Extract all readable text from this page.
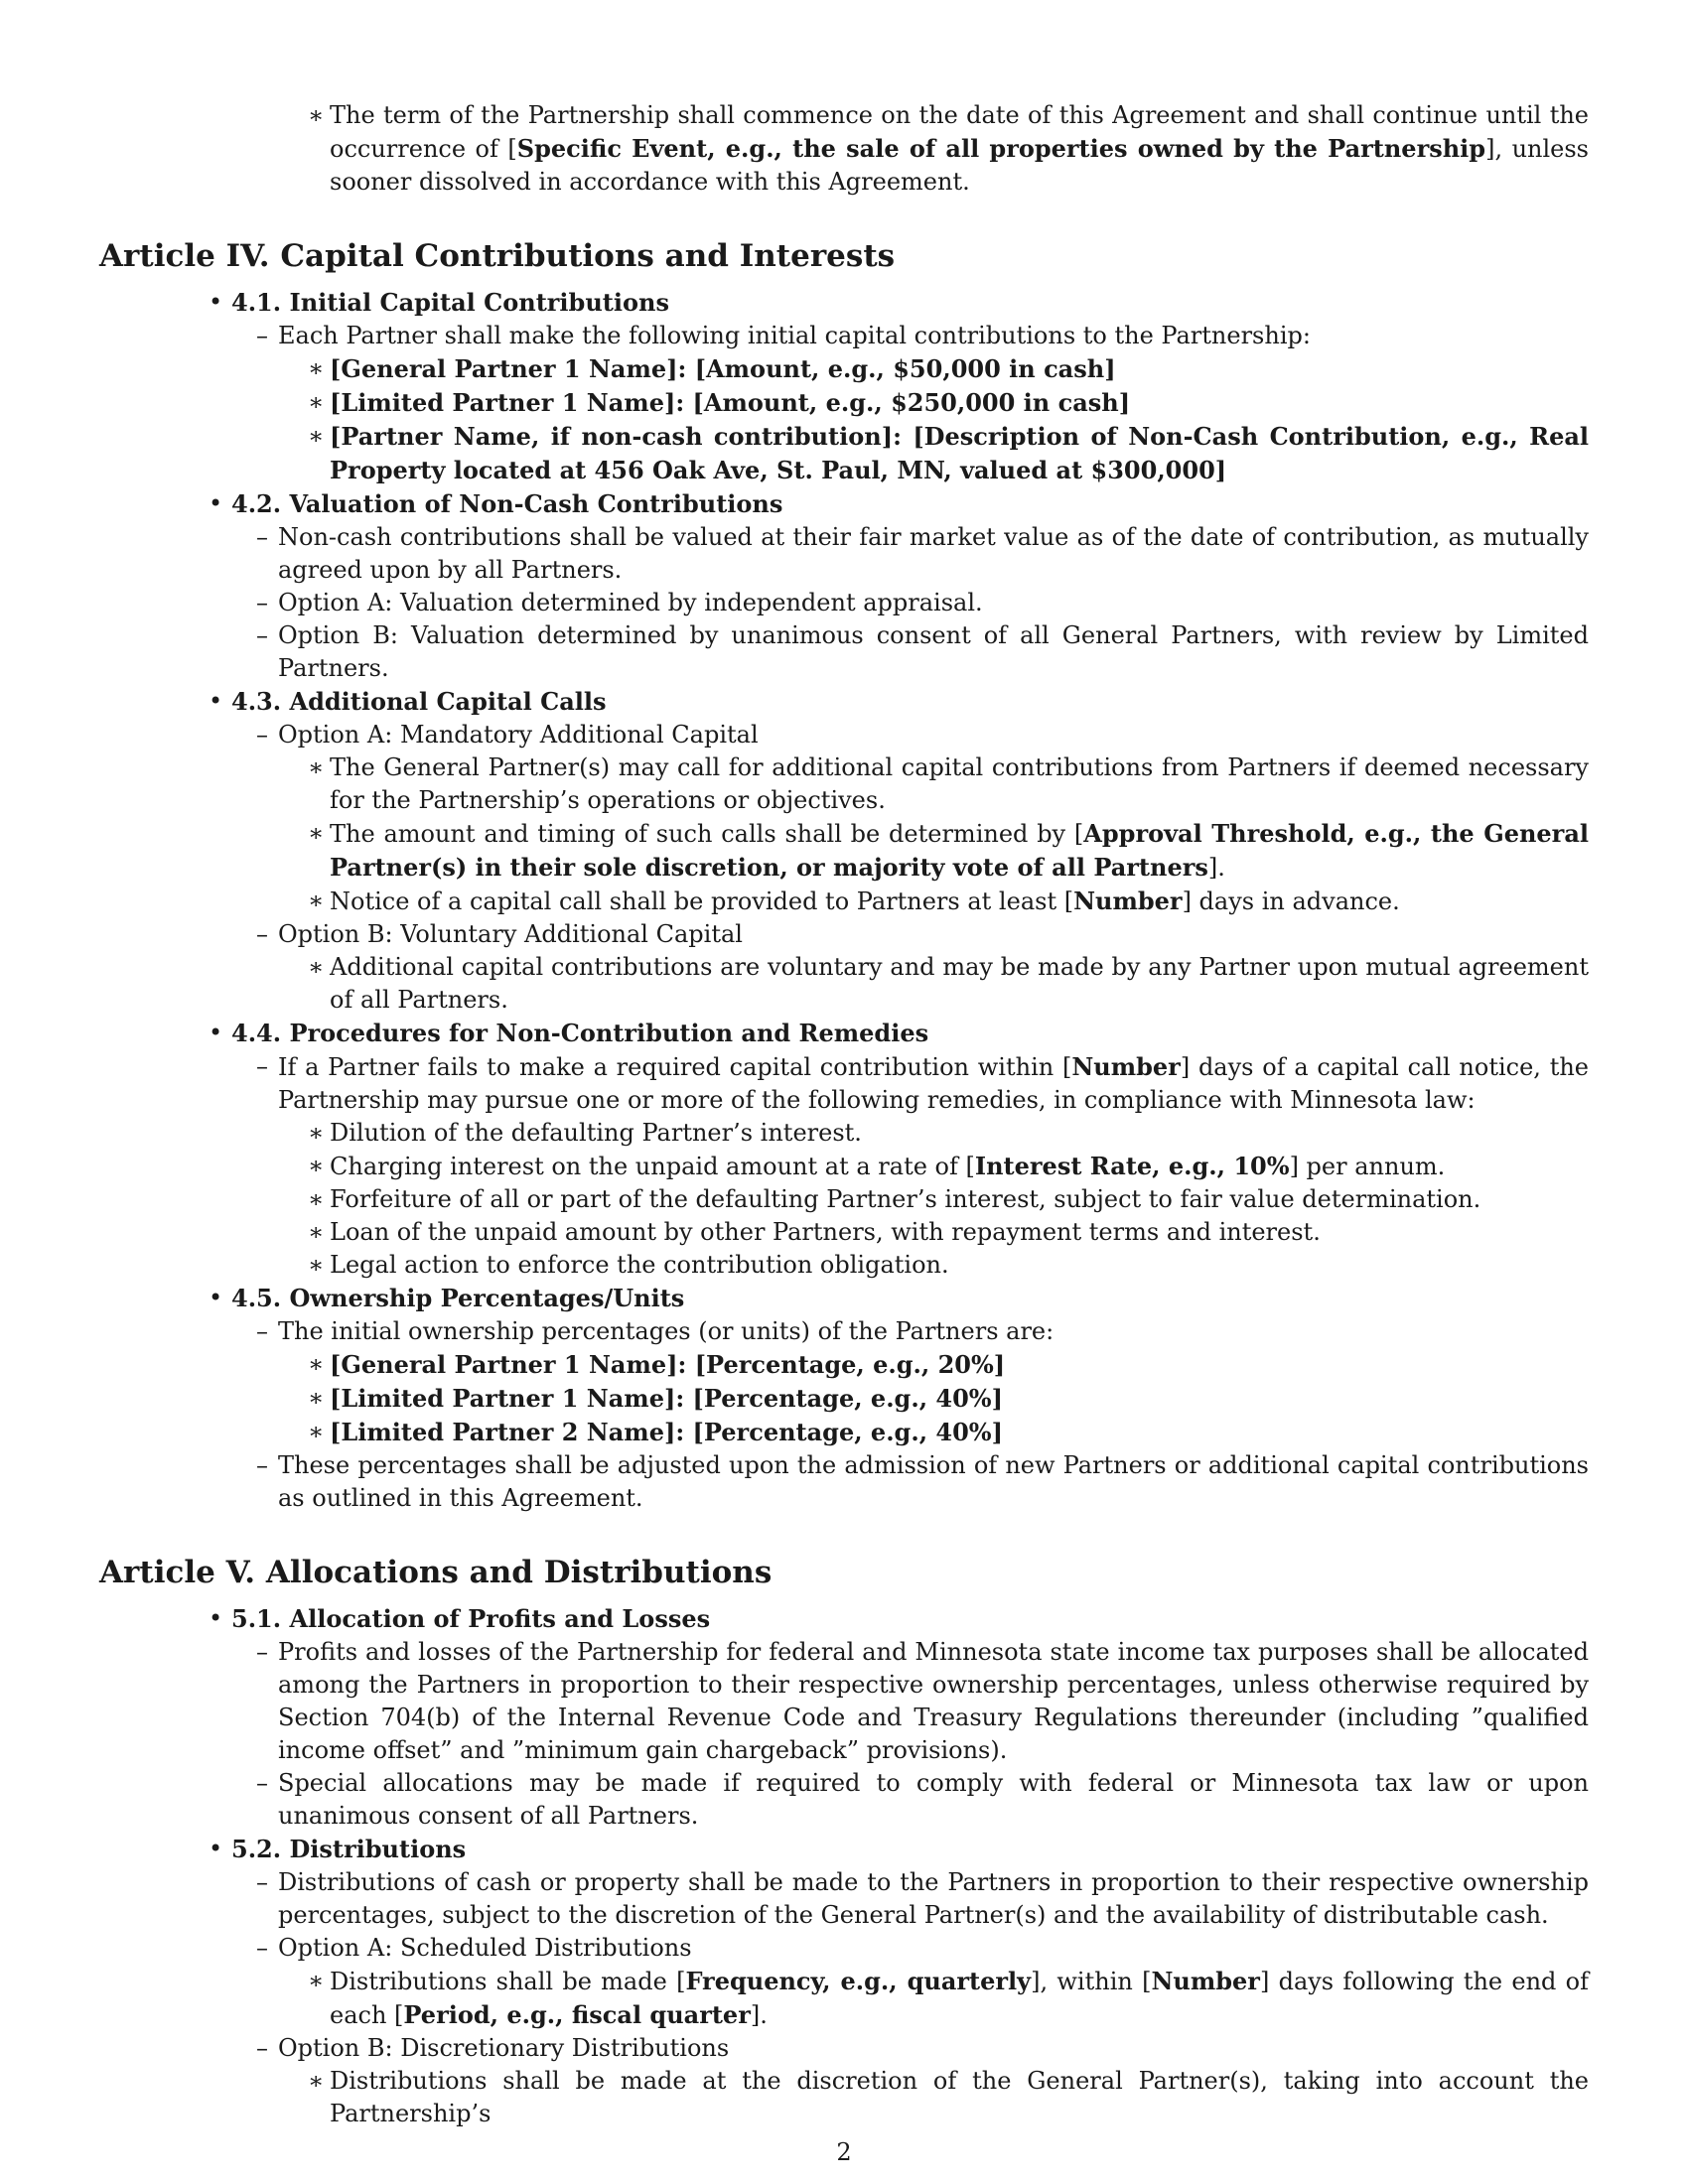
∗ The term of the Partnership shall commence on the date of this Agreement and shall continue until the occurrence of [Specific Event, e.g., the sale of all properties owned by the Partnership], unless sooner dissolved in accordance with this Agreement.
Article IV. Capital Contributions and Interests
• 4.1. Initial Capital Contributions
– Each Partner shall make the following initial capital contributions to the Partnership:
∗ [General Partner 1 Name]: [Amount, e.g., $50,000 in cash]
∗ [Limited Partner 1 Name]: [Amount, e.g., $250,000 in cash]
∗ [Partner Name, if non-cash contribution]: [Description of Non-Cash Contribution, e.g., Real Property located at 456 Oak Ave, St. Paul, MN, valued at $300,000]
• 4.2. Valuation of Non-Cash Contributions
– Non-cash contributions shall be valued at their fair market value as of the date of contribution, as mutually agreed upon by all Partners.
– Option A: Valuation determined by independent appraisal.
– Option B: Valuation determined by unanimous consent of all General Partners, with review by Limited Partners.
• 4.3. Additional Capital Calls
– Option A: Mandatory Additional Capital
∗ The General Partner(s) may call for additional capital contributions from Partners if deemed necessary for the Partnership’s operations or objectives.
∗ The amount and timing of such calls shall be determined by [Approval Threshold, e.g., the General Partner(s) in their sole discretion, or majority vote of all Partners].
∗ Notice of a capital call shall be provided to Partners at least [Number] days in advance.
– Option B: Voluntary Additional Capital
∗ Additional capital contributions are voluntary and may be made by any Partner upon mutual agreement of all Partners.
• 4.4. Procedures for Non-Contribution and Remedies
– If a Partner fails to make a required capital contribution within [Number] days of a capital call notice, the Partnership may pursue one or more of the following remedies, in compliance with Minnesota law:
∗ Dilution of the defaulting Partner’s interest.
∗ Charging interest on the unpaid amount at a rate of [Interest Rate, e.g., 10%] per annum.
∗ Forfeiture of all or part of the defaulting Partner’s interest, subject to fair value determination.
∗ Loan of the unpaid amount by other Partners, with repayment terms and interest.
∗ Legal action to enforce the contribution obligation.
• 4.5. Ownership Percentages/Units
– The initial ownership percentages (or units) of the Partners are:
∗ [General Partner 1 Name]: [Percentage, e.g., 20%]
∗ [Limited Partner 1 Name]: [Percentage, e.g., 40%]
∗ [Limited Partner 2 Name]: [Percentage, e.g., 40%]
– These percentages shall be adjusted upon the admission of new Partners or additional capital contributions as outlined in this Agreement.
Article V. Allocations and Distributions
• 5.1. Allocation of Profits and Losses
– Profits and losses of the Partnership for federal and Minnesota state income tax purposes shall be allocated among the Partners in proportion to their respective ownership percentages, unless otherwise required by Section 704(b) of the Internal Revenue Code and Treasury Regulations thereunder (including ”qualified income offset” and ”minimum gain chargeback” provisions).
– Special allocations may be made if required to comply with federal or Minnesota tax law or upon unanimous consent of all Partners.
• 5.2. Distributions
– Distributions of cash or property shall be made to the Partners in proportion to their respective ownership percentages, subject to the discretion of the General Partner(s) and the availability of distributable cash.
– Option A: Scheduled Distributions
∗ Distributions shall be made [Frequency, e.g., quarterly], within [Number] days following the end of each [Period, e.g., fiscal quarter].
– Option B: Discretionary Distributions
∗ Distributions shall be made at the discretion of the General Partner(s), taking into account the Partnership’s
2
